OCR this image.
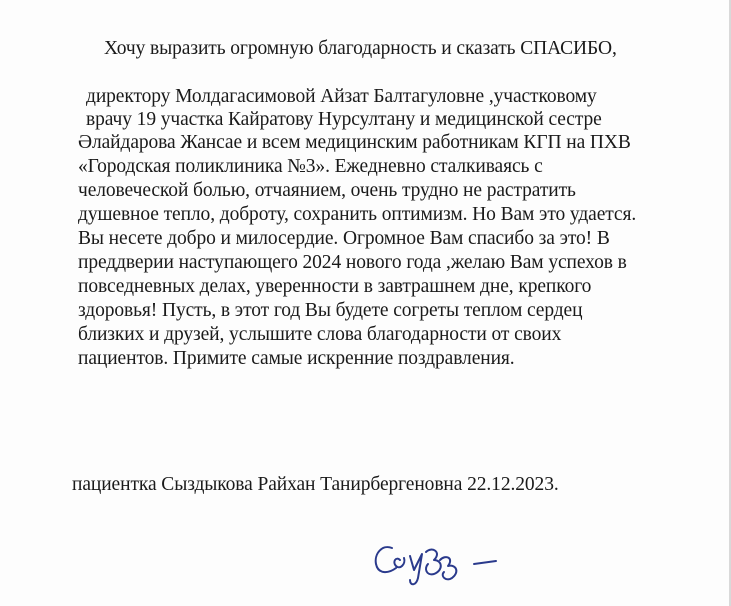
Хочу выразить огромную благодарность и сказать СПАСИБО,
директору Молдагасимовой Айзат Балтагуловне ,участковому
врачу 19 участка Кайратову Нурсултану и медицинской сестре
Әлайдарова Жансае и всем медицинским работникам КГП на ПХВ
«Городская поликлиника №3». Ежедневно сталкиваясь с
человеческой болью, отчаянием, очень трудно не растратить
душевное тепло, доброту, сохранить оптимизм. Но Вам это удается.
Вы несете добро и милосердие. Огромное Вам спасибо за это! В
преддверии наступающего 2024 нового года ,желаю Вам успехов в
повседневных делах, уверенности в завтрашнем дне, крепкого
здоровья! Пусть, в этот год Вы будете согреты теплом сердец
близких и друзей, услышите слова благодарности от своих
пациентов. Примите самые искренние поздравления.
пациентка Сыздыкова Райхан Танирбергеновна 22.12.2023.
